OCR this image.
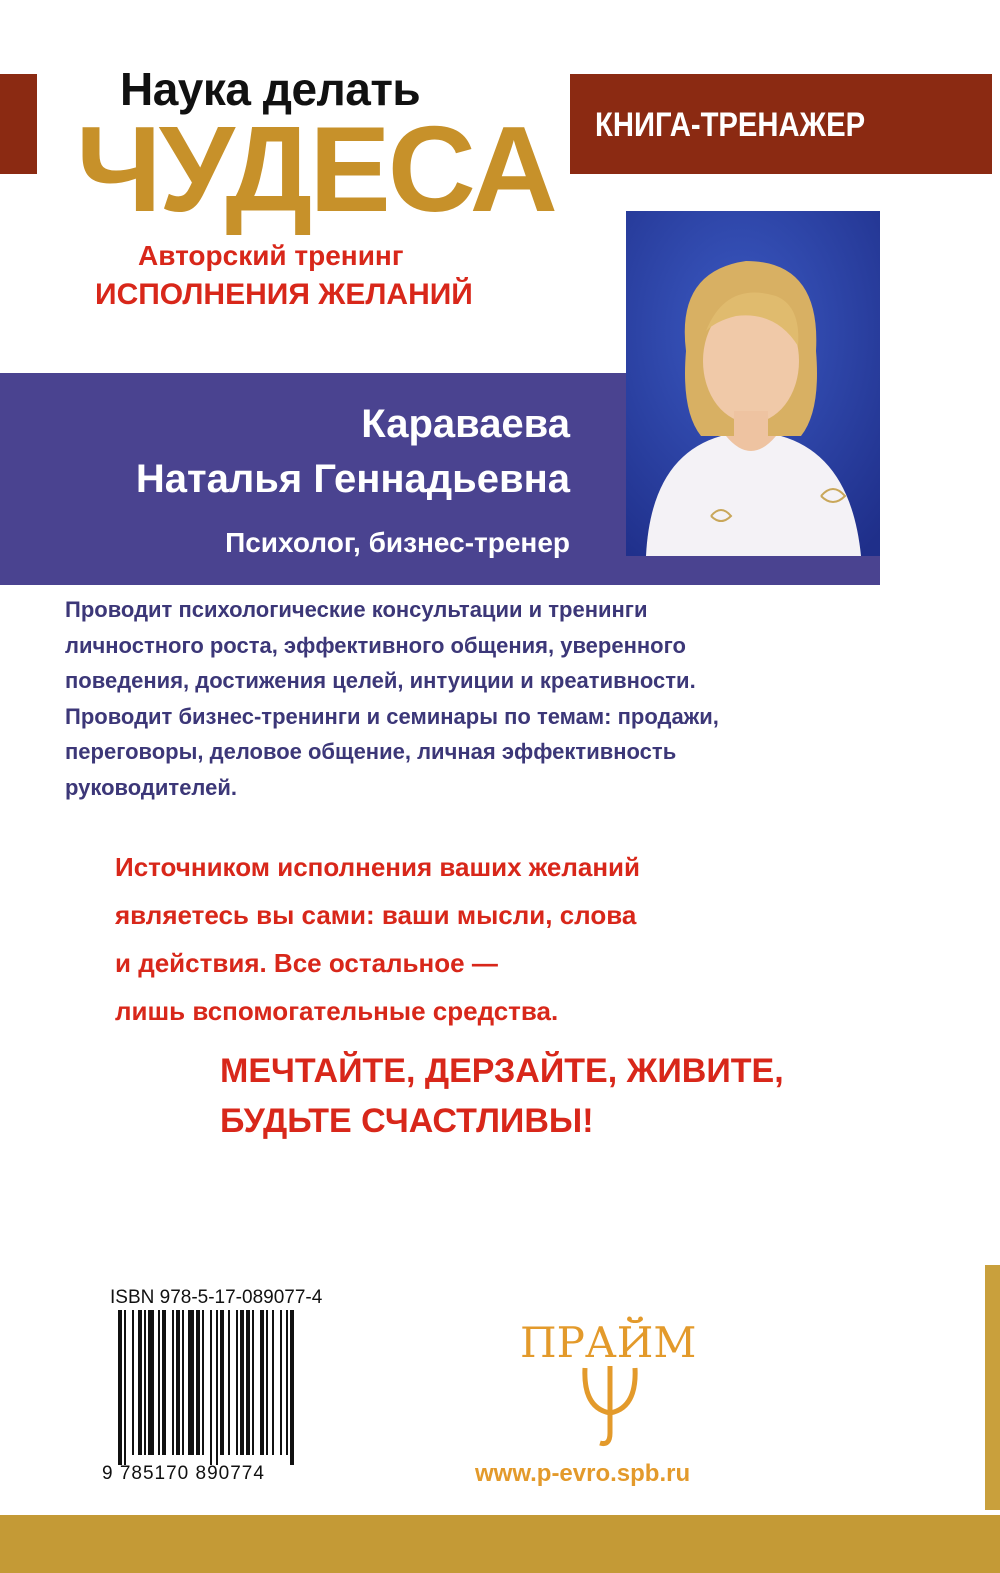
Наука делать
ЧУДЕСА КНИГА-ТРЕНАЖЕР
Авторский тренинг
ИСПОЛНЕНИЯ ЖЕЛАНИЙ
Караваева
Наталья Геннадьевна
Психолог, бизнес-тренер
Проводит психологические консультации и тренинги
личностного роста, эффективного общения, уверенного
поведения, достижения целей, интуиции и креативности.
Проводит бизнес-тренинги и семинары по темам: продажи,
переговоры, деловое общение, личная эффективность
руководителей.
Источником исполнения ваших желаний
являетесь вы сами: ваши мысли, слова
и действия. Все остальное —
лишь вспомогательные средства.
МЕЧТАЙТЕ, ДЕРЗАЙТЕ, ЖИВИТЕ,
БУДЬТЕ СЧАСТЛИВЫ!
ISBN 978-5-17-089077-4
9 785170 890774
ПРАЙМ
www.p-evro.spb.ru
